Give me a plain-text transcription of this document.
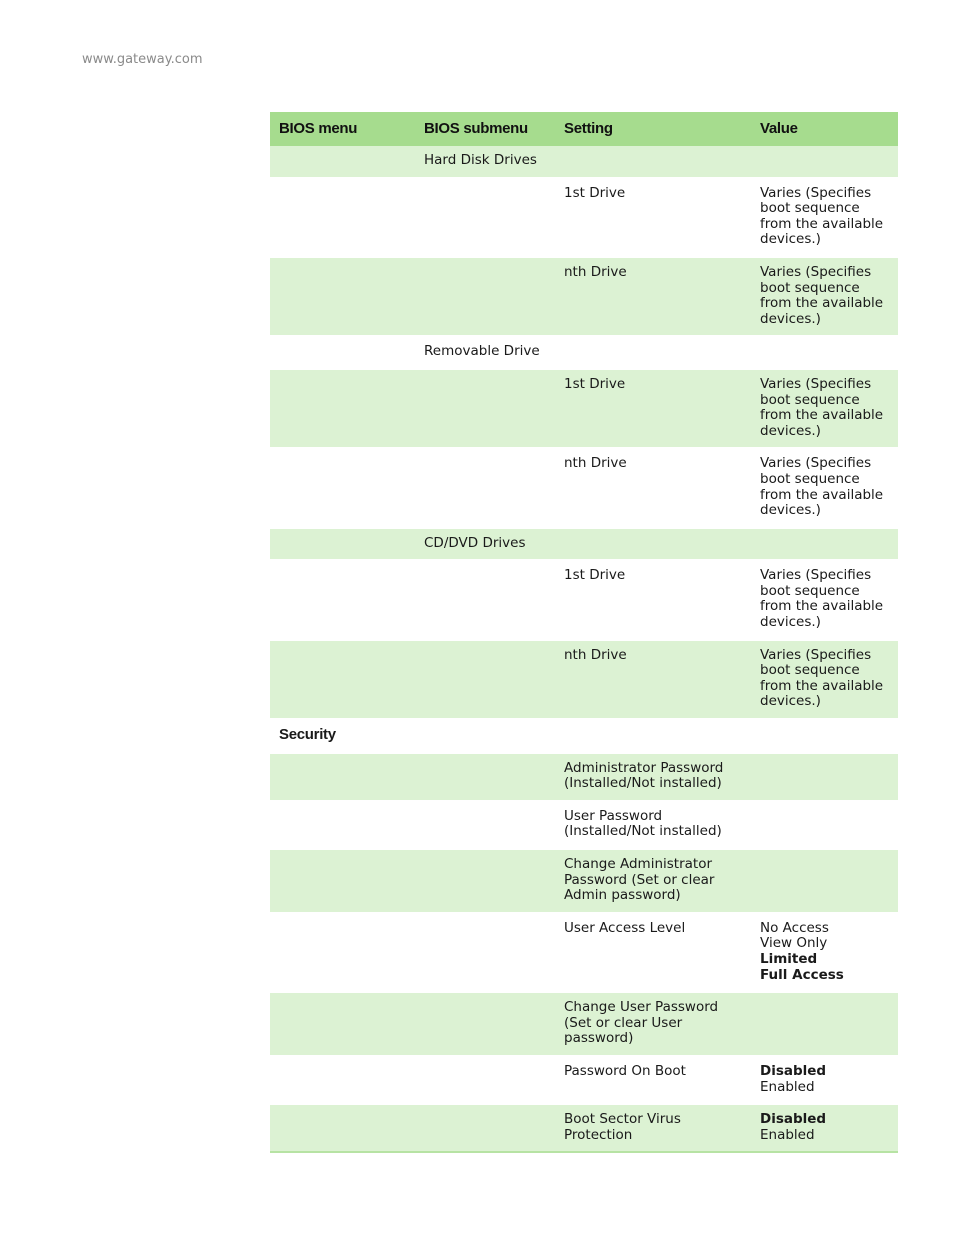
www.gateway.com
BIOS menu	BIOS submenu	Setting	Value
	Hard Disk Drives		
		1st Drive	Varies (Specifies boot sequence from the available devices.)

		nth Drive	Varies (Specifies boot sequence from the available devices.)

	Removable Drive		
		1st Drive	Varies (Specifies boot sequence from the available devices.)

		nth Drive	Varies (Specifies boot sequence from the available devices.)

	CD/DVD Drives		
		1st Drive	Varies (Specifies boot sequence from the available devices.)

		nth Drive	Varies (Specifies boot sequence from the available devices.)

Security			
		Administrator Password (Installed/Not installed)	
		User Password (Installed/Not installed)	
		Change Administrator Password (Set or clear Admin password)	
		User Access Level	No Access
View Only
Limited
Full Access

		Change User Password (Set or clear User password)	
		Password On Boot	Disabled
Enabled

		Boot Sector Virus Protection	Disabled
Enabled
